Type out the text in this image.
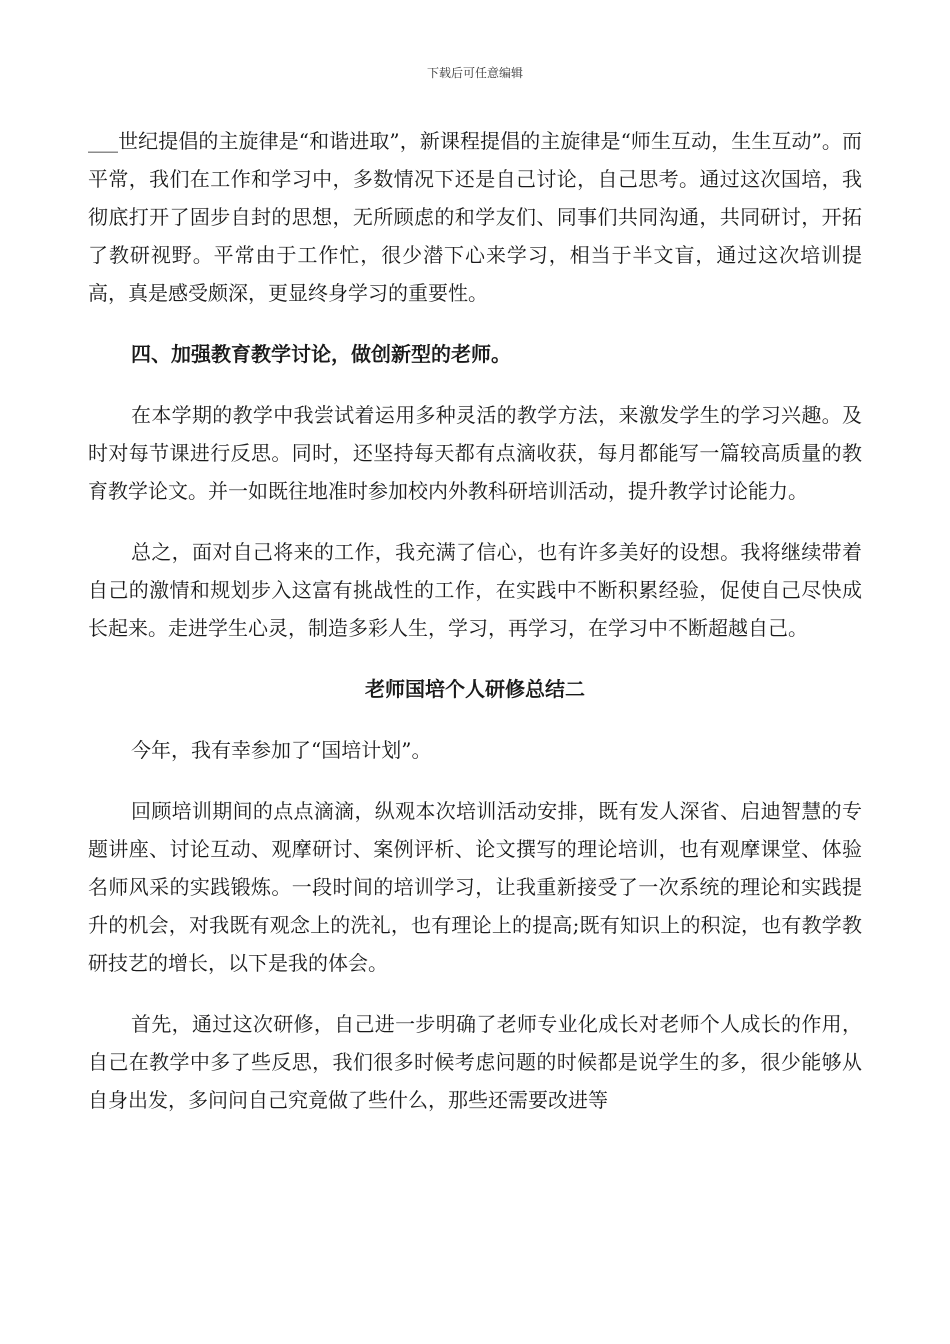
下载后可任意编辑

___世纪提倡的主旋律是“和谐进取”，新课程提倡的主旋律是“师生互动，生生互动”。而平常，我们在工作和学习中，多数情况下还是自己讨论，自己思考。通过这次国培，我彻底打开了固步自封的思想，无所顾虑的和学友们、同事们共同沟通，共同研讨，开拓了教研视野。平常由于工作忙，很少潜下心来学习，相当于半文盲，通过这次培训提高，真是感受颇深，更显终身学习的重要性。

四、加强教育教学讨论，做创新型的老师。

在本学期的教学中我尝试着运用多种灵活的教学方法，来激发学生的学习兴趣。及时对每节课进行反思。同时，还坚持每天都有点滴收获，每月都能写一篇较高质量的教育教学论文。并一如既往地准时参加校内外教科研培训活动，提升教学讨论能力。

总之，面对自己将来的工作，我充满了信心，也有许多美好的设想。我将继续带着自己的激情和规划步入这富有挑战性的工作，在实践中不断积累经验，促使自己尽快成长起来。走进学生心灵，制造多彩人生，学习，再学习，在学习中不断超越自己。

老师国培个人研修总结二

今年，我有幸参加了“国培计划”。

回顾培训期间的点点滴滴，纵观本次培训活动安排，既有发人深省、启迪智慧的专题讲座、讨论互动、观摩研讨、案例评析、论文撰写的理论培训，也有观摩课堂、体验名师风采的实践锻炼。一段时间的培训学习，让我重新接受了一次系统的理论和实践提升的机会，对我既有观念上的洗礼，也有理论上的提高;既有知识上的积淀，也有教学教研技艺的增长，以下是我的体会。

首先，通过这次研修，自己进一步明确了老师专业化成长对老师个人成长的作用，自己在教学中多了些反思，我们很多时候考虑问题的时候都是说学生的多，很少能够从自身出发，多问问自己究竟做了些什么，那些还需要改进等
